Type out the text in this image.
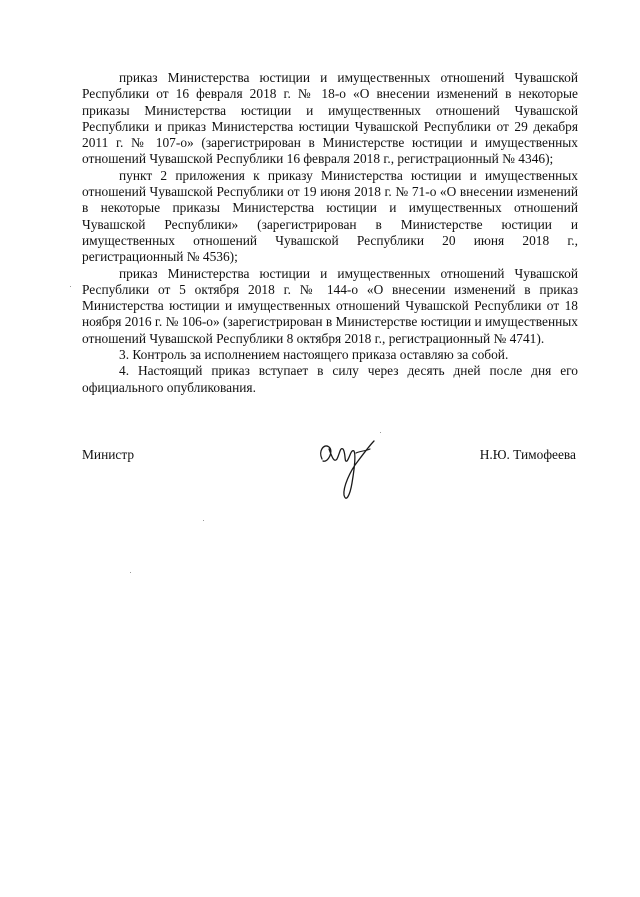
приказ Министерства юстиции и имущественных отношений Чувашской Республики от 16 февраля 2018 г. № 18-о «О внесении изменений в некоторые приказы Министерства юстиции и имущественных отношений Чувашской Республики и приказ Министерства юстиции Чувашской Республики от 29 декабря 2011 г. № 107-о» (зарегистрирован в Министерстве юстиции и имущественных отношений Чувашской Республики 16 февраля 2018 г., регистрационный № 4346);

пункт 2 приложения к приказу Министерства юстиции и имущественных отношений Чувашской Республики от 19 июня 2018 г. № 71-о «О внесении изменений в некоторые приказы Министерства юстиции и имущественных отношений Чувашской Республики» (зарегистрирован в Министерстве юстиции и имущественных отношений Чувашской Республики 20 июня 2018 г., регистрационный № 4536);

приказ Министерства юстиции и имущественных отношений Чувашской Республики от 5 октября 2018 г. № 144-о «О внесении изменений в приказ Министерства юстиции и имущественных отношений Чувашской Республики от 18 ноября 2016 г. № 106-о» (зарегистрирован в Министерстве юстиции и имущественных отношений Чувашской Республики 8 октября 2018 г., регистрационный № 4741).

3. Контроль за исполнением настоящего приказа оставляю за собой.

4. Настоящий приказ вступает в силу через десять дней после дня его официального опубликования.

Министр	Н.Ю. Тимофеева
